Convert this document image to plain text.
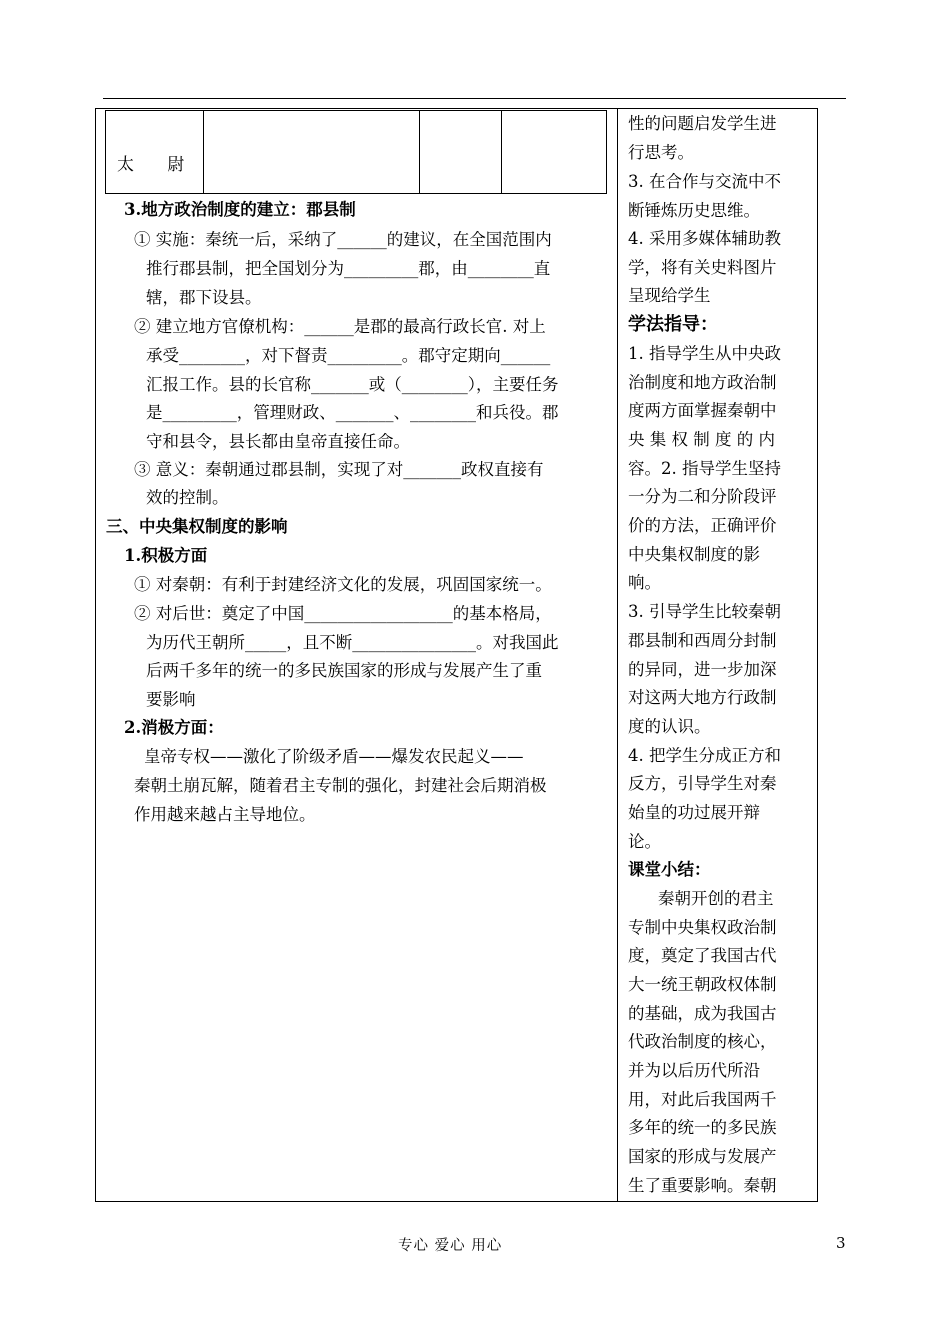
太 尉
3.地方政治制度的建立：郡县制
① 实施：秦统一后，采纳了______的建议，在全国范围内
推行郡县制，把全国划分为_________郡，由________直
辖，郡下设县。
② 建立地方官僚机构：______是郡的最高行政长官. 对上
承受________，对下督责_________。郡守定期向______
汇报工作。县的长官称_______或（________），主要任务
是_________，管理财政、_______、________和兵役。郡
守和县令，县长都由皇帝直接任命。
③ 意义：秦朝通过郡县制，实现了对_______政权直接有
效的控制。
三、中央集权制度的影响
1.积极方面
① 对秦朝：有利于封建经济文化的发展，巩固国家统一。
② 对后世：奠定了中国__________________的基本格局，
为历代王朝所_____，且不断_______________。对我国此
后两千多年的统一的多民族国家的形成与发展产生了重
要影响
2.消极方面：
皇帝专权——激化了阶级矛盾——爆发农民起义——
秦朝土崩瓦解，随着君主专制的强化，封建社会后期消极
作用越来越占主导地位。
性的问题启发学生进
行思考。
3. 在合作与交流中不
断锤炼历史思维。
4. 采用多媒体辅助教
学，将有关史料图片
呈现给学生
学法指导：
1. 指导学生从中央政
治制度和地方政治制
度两方面掌握秦朝中
央 集 权 制 度 的 内
容。2. 指导学生坚持
一分为二和分阶段评
价的方法，正确评价
中央集权制度的影
响。
3. 引导学生比较秦朝
郡县制和西周分封制
的异同，进一步加深
对这两大地方行政制
度的认识。
4. 把学生分成正方和
反方，引导学生对秦
始皇的功过展开辩
论。
课堂小结：
秦朝开创的君主
专制中央集权政治制
度，奠定了我国古代
大一统王朝政权体制
的基础，成为我国古
代政治制度的核心，
并为以后历代所沿
用，对此后我国两千
多年的统一的多民族
国家的形成与发展产
生了重要影响。秦朝
专心 爱心 用心	3
